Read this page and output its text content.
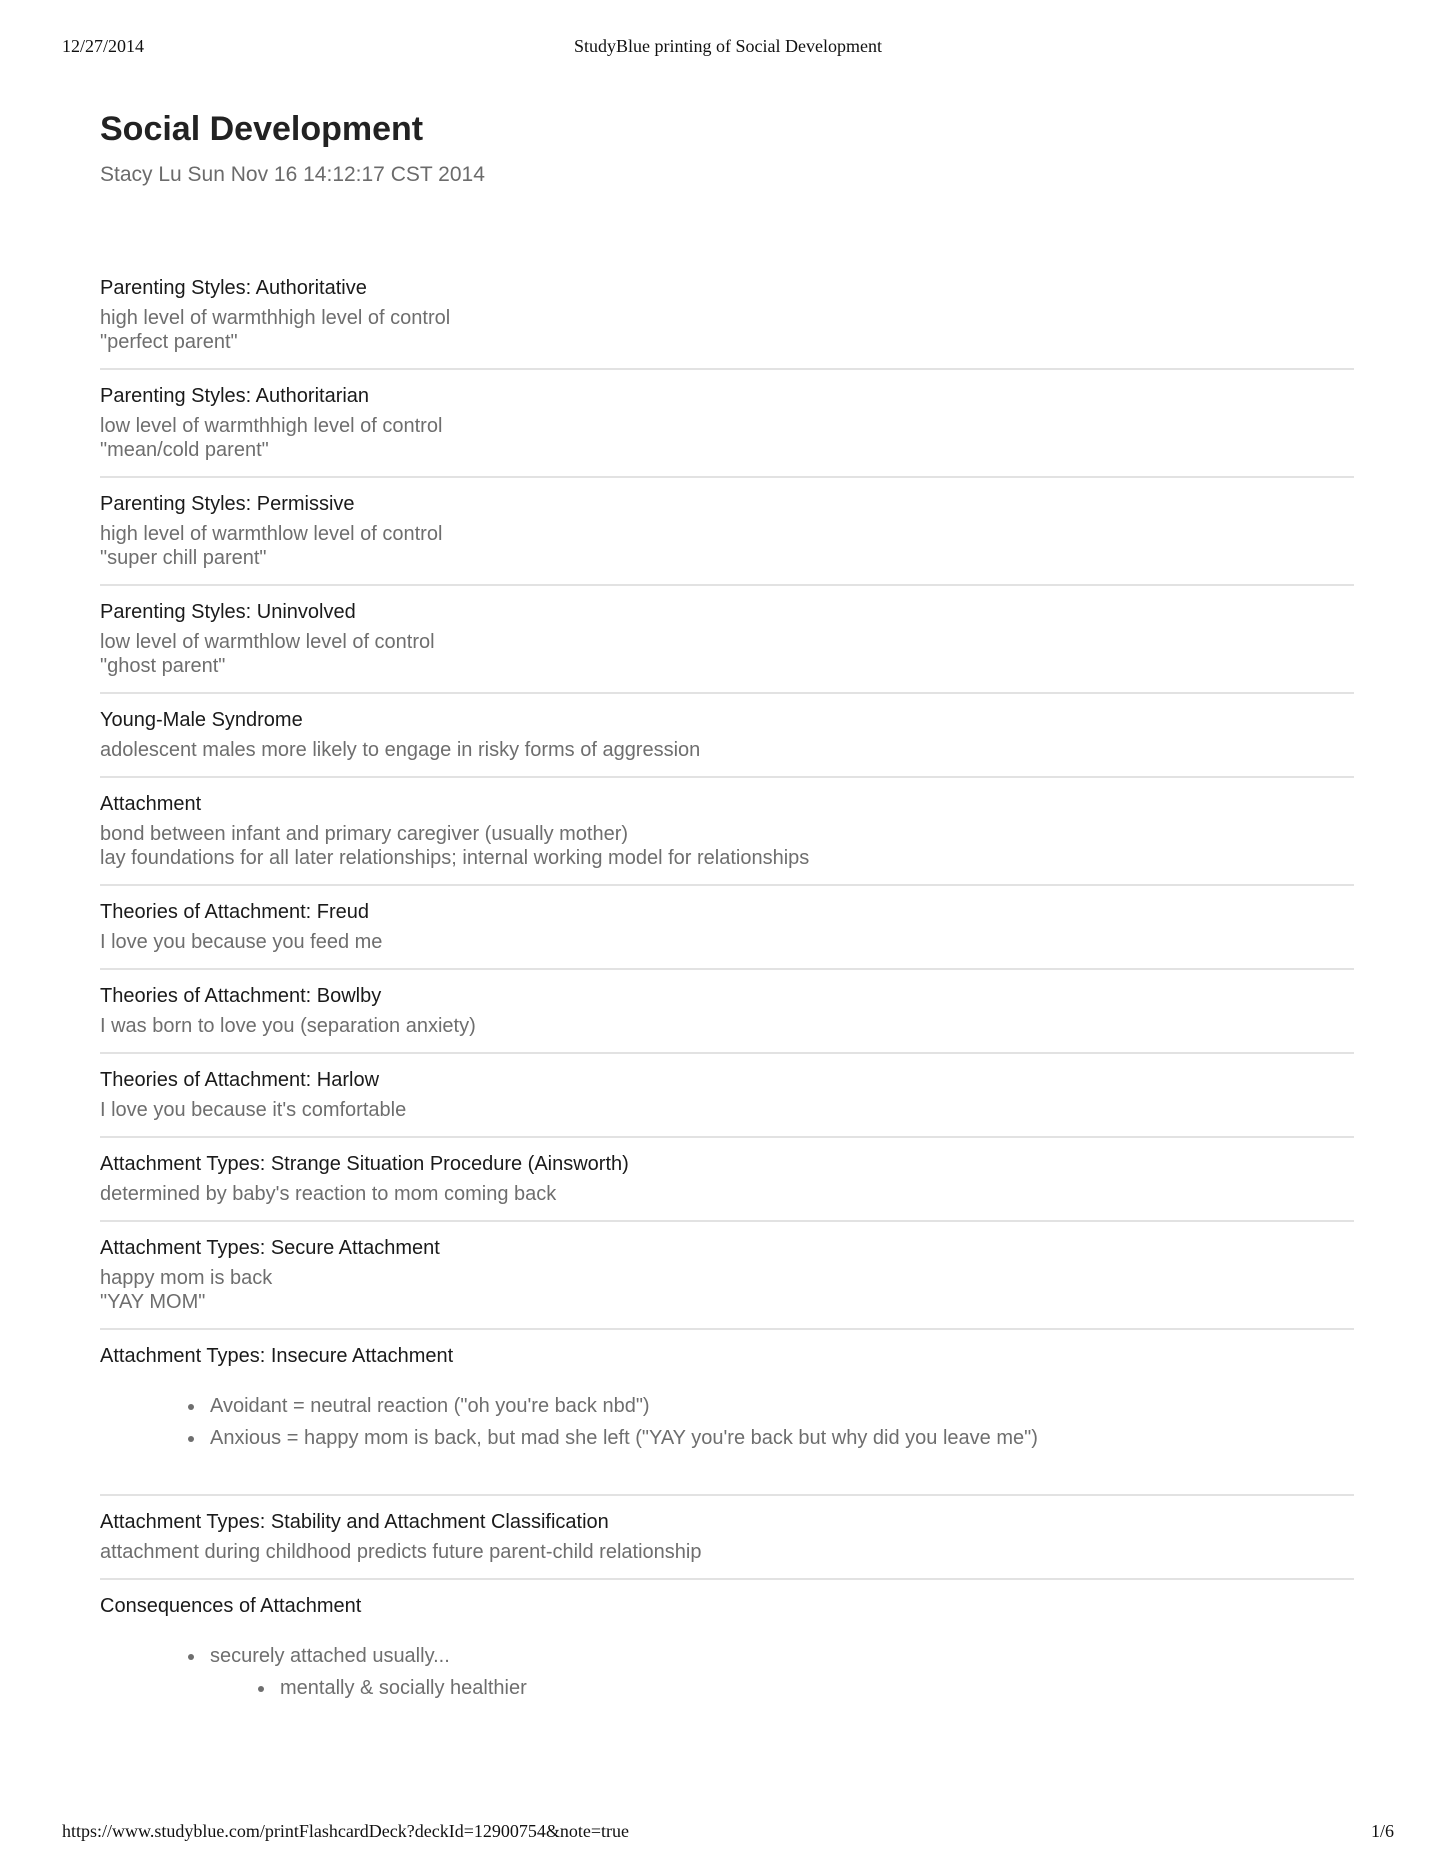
12/27/2014	StudyBlue printing of Social Development
Social Development
Stacy Lu Sun Nov 16 14:12:17 CST 2014
Parenting Styles: Authoritative
high level of warmthhigh level of control
"perfect parent"
Parenting Styles: Authoritarian
low level of warmthhigh level of control
"mean/cold parent"
Parenting Styles: Permissive
high level of warmthlow level of control
"super chill parent"
Parenting Styles: Uninvolved
low level of warmthlow level of control
"ghost parent"
Young-Male Syndrome
adolescent males more likely to engage in risky forms of aggression
Attachment
bond between infant and primary caregiver (usually mother)
lay foundations for all later relationships; internal working model for relationships
Theories of Attachment: Freud
I love you because you feed me
Theories of Attachment: Bowlby
I was born to love you (separation anxiety)
Theories of Attachment: Harlow
I love you because it's comfortable
Attachment Types: Strange Situation Procedure (Ainsworth)
determined by baby's reaction to mom coming back
Attachment Types: Secure Attachment
happy mom is back
"YAY MOM"
Attachment Types: Insecure Attachment
• Avoidant = neutral reaction ("oh you're back nbd")
• Anxious = happy mom is back, but mad she left ("YAY you're back but why did you leave me")
Attachment Types: Stability and Attachment Classification
attachment during childhood predicts future parent-child relationship
Consequences of Attachment
• securely attached usually...
• mentally & socially healthier
https://www.studyblue.com/printFlashcardDeck?deckId=12900754&note=true	1/6
